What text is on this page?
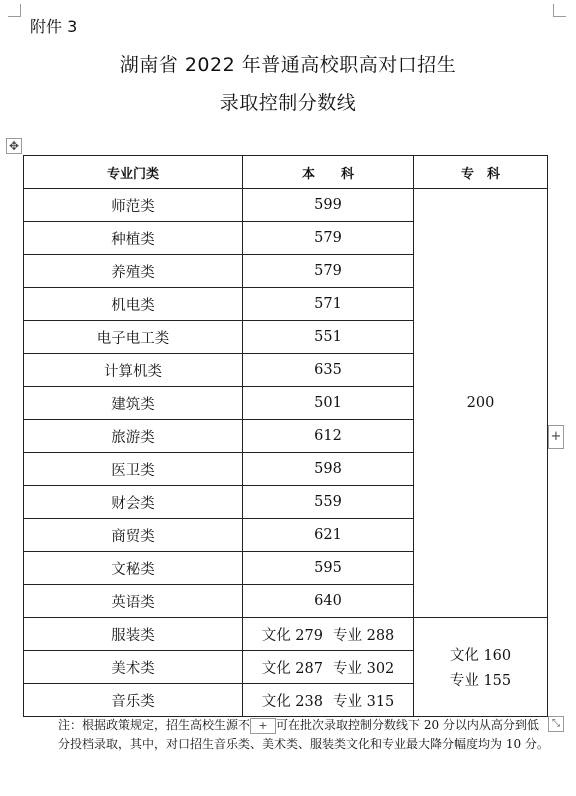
附件 3
湖南省 2022 年普通高校职高对口招生
录取控制分数线
✥
专业门类	本　　科	专　科
师范类	599	200
种植类	579	
养殖类	579	
机电类	571	
电子电工类	551	
计算机类	635	
建筑类	501	
旅游类	612	
医卫类	598	
财会类	559	
商贸类	621	
文秘类	595	
英语类	640	
服装类	文化 279 专业 288	文化 160
专业 155

美术类	文化 287 专业 302	
音乐类	文化 238 专业 315	
+
注：根据政策规定，招生高校生源不 + 可在批次录取控制分数线下 20 分以内从高分到低分投档录取，其中，对口招生音乐类、美术类、服装类文化和专业最大降分幅度均为 10 分。
⤡
